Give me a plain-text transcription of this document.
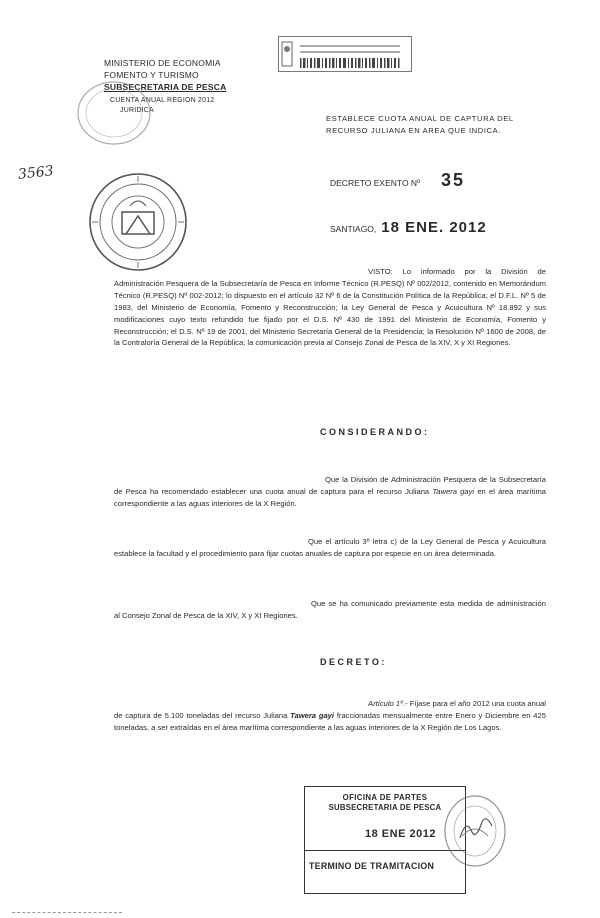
MINISTERIO DE ECONOMIA
FOMENTO Y TURISMO
SUBSECRETARIA DE PESCA
CUENTA ANUAL REGION 2012
JURIDICA
3563
ESTABLECE CUOTA ANUAL DE CAPTURA DEL
RECURSO JULIANA EN AREA QUE INDICA.
DECRETO EXENTO Nº 35
SANTIAGO, 18 ENE. 2012
VISTO: Lo informado por la División de Administración Pesquera de la Subsecretaría de Pesca en Informe Técnico (R.PESQ) Nº 002/2012, contenido en Memorándum Técnico (R.PESQ) Nº 002-2012; lo dispuesto en el artículo 32 Nº 6 de la Constitución Política de la República; el D.F.L. Nº 5 de 1983, del Ministerio de Economía, Fomento y Reconstrucción; la Ley General de Pesca y Acuicultura Nº 18.892 y sus modificaciones cuyo texto refundido fue fijado por el D.S. Nº 430 de 1991 del Ministerio de Economía, Fomento y Reconstrucción; el D.S. Nº 19 de 2001, del Ministerio Secretaría General de la Presidencia; la Resolución Nº 1600 de 2008, de la Contraloría General de la República; la comunicación previa al Consejo Zonal de Pesca de la XIV, X y XI Regiones.
CONSIDERANDO:
Que la División de Administración Pesquera de la Subsecretaría de Pesca ha recomendado establecer una cuota anual de captura para el recurso Juliana Tawera gayi en el área marítima correspondiente a las aguas interiores de la X Región.
Que el artículo 3º letra c) de la Ley General de Pesca y Acuicultura establece la facultad y el procedimiento para fijar cuotas anuales de captura por especie en un área determinada.
Que se ha comunicado previamente esta medida de administración al Consejo Zonal de Pesca de la XIV, X y XI Regiones.
DECRETO:
Artículo 1º.- Fíjase para el año 2012 una cuota anual de captura de 5.100 toneladas del recurso Juliana Tawera gayi fraccionadas mensualmente entre Enero y Diciembre en 425 toneladas, a ser extraídas en el área marítima correspondiente a las aguas interiores de la X Región de Los Lagos.
OFICINA DE PARTES
SUBSECRETARIA DE PESCA
18 ENE 2012
TERMINO DE TRAMITACION
